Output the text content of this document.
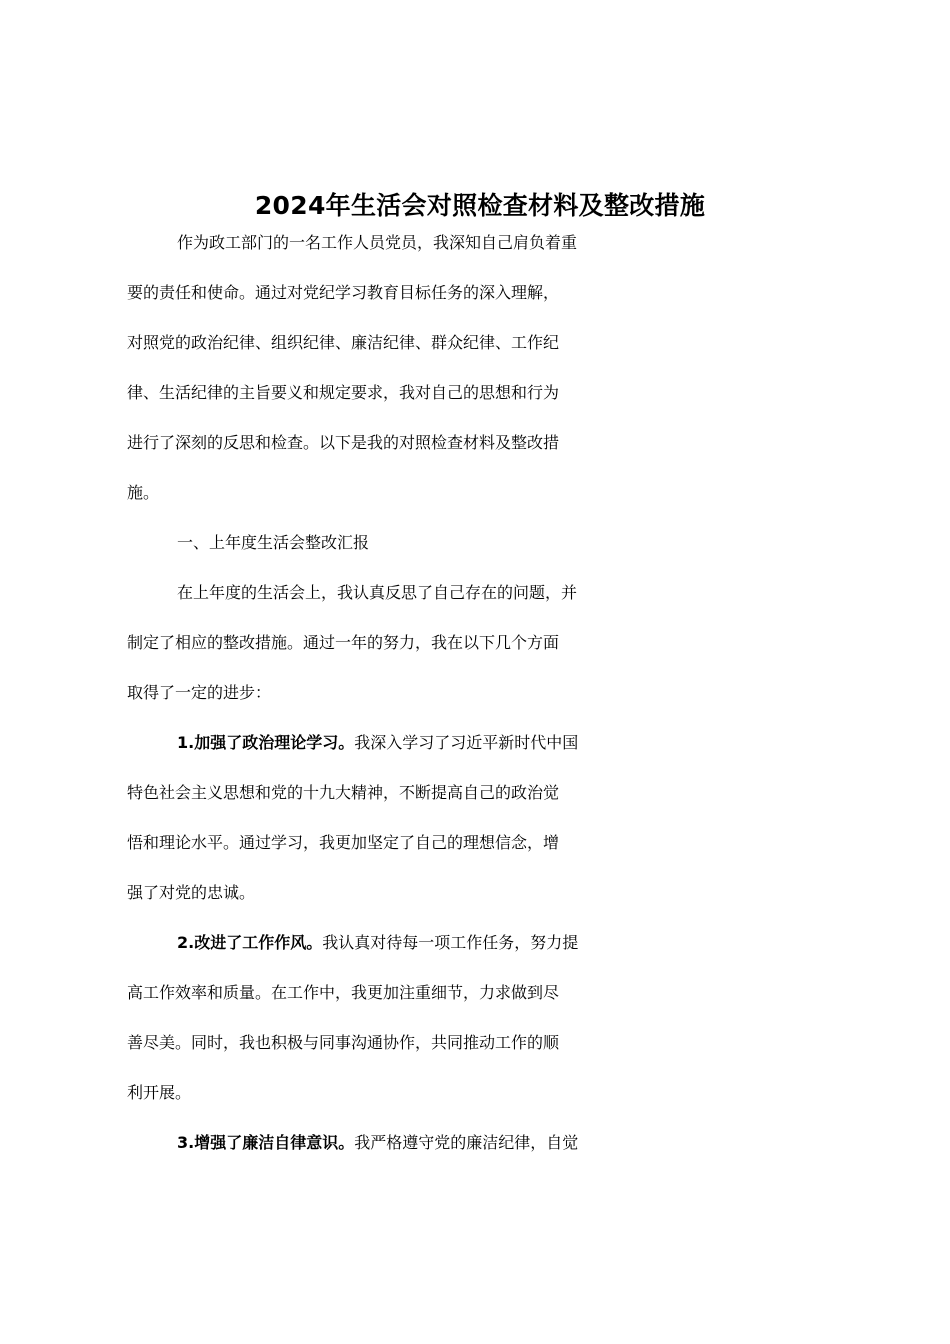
2024年生活会对照检查材料及整改措施
作为政工部门的一名工作人员党员，我深知自己肩负着重
要的责任和使命。通过对党纪学习教育目标任务的深入理解，
对照党的政治纪律、组织纪律、廉洁纪律、群众纪律、工作纪
律、生活纪律的主旨要义和规定要求，我对自己的思想和行为
进行了深刻的反思和检查。以下是我的对照检查材料及整改措
施。
一、上年度生活会整改汇报
在上年度的生活会上，我认真反思了自己存在的问题，并
制定了相应的整改措施。通过一年的努力，我在以下几个方面
取得了一定的进步：
1.加强了政治理论学习。我深入学习了习近平新时代中国
特色社会主义思想和党的十九大精神，不断提高自己的政治觉
悟和理论水平。通过学习，我更加坚定了自己的理想信念，增
强了对党的忠诚。
2.改进了工作作风。我认真对待每一项工作任务，努力提
高工作效率和质量。在工作中，我更加注重细节，力求做到尽
善尽美。同时，我也积极与同事沟通协作，共同推动工作的顺
利开展。
3.增强了廉洁自律意识。我严格遵守党的廉洁纪律，自觉
